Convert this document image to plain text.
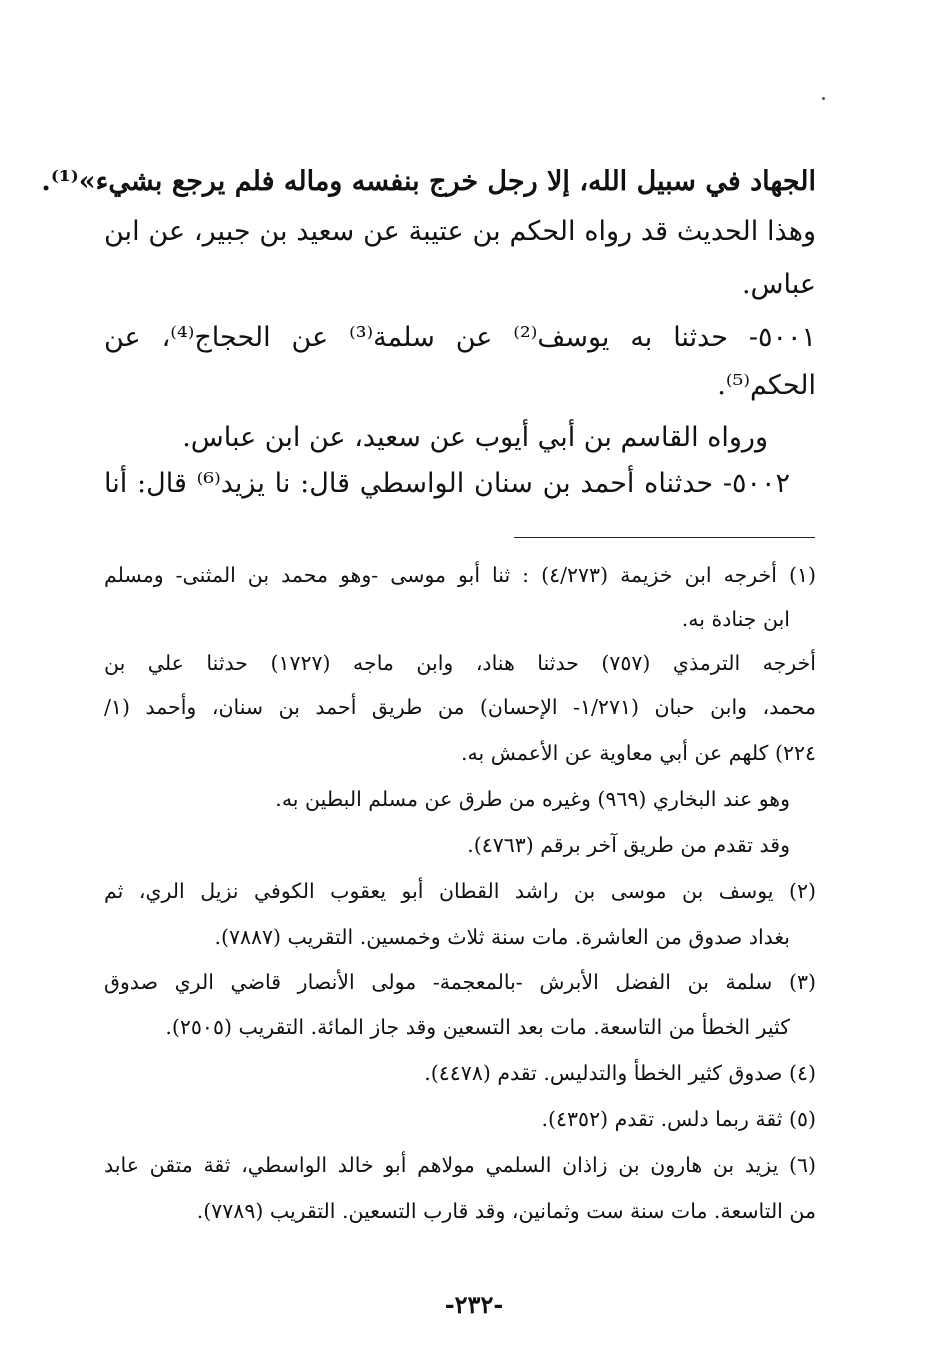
الجهاد في سبيل الله، إلا رجل خرج بنفسه وماله فلم يرجع بشيء»⁽¹⁾.
وهذا الحديث قد رواه الحكم بن عتيبة عن سعيد بن جبير، عن ابن
عباس.
٥٠٠١- حدثنا به يوسف⁽²⁾ عن سلمة⁽³⁾ عن الحجاج⁽⁴⁾، عن
الحكم⁽⁵⁾.
ورواه القاسم بن أبي أيوب عن سعيد، عن ابن عباس.
٥٠٠٢- حدثناه أحمد بن سنان الواسطي قال: نا يزيد⁽⁶⁾ قال: أنا
(١) أخرجه ابن خزيمة (٤/٢٧٣) : ثنا أبو موسى -وهو محمد بن المثنى- ومسلم
ابن جنادة به.
أخرجه الترمذي (٧٥٧) حدثنا هناد، وابن ماجه (١٧٢٧) حدثنا علي بن
محمد، وابن حبان (١/٢٧١- الإحسان) من طريق أحمد بن سنان، وأحمد (١/
٢٢٤) كلهم عن أبي معاوية عن الأعمش به.
وهو عند البخاري (٩٦٩) وغيره من طرق عن مسلم البطين به.
وقد تقدم من طريق آخر برقم (٤٧٦٣).
(٢) يوسف بن موسى بن راشد القطان أبو يعقوب الكوفي نزيل الري، ثم
بغداد صدوق من العاشرة. مات سنة ثلاث وخمسين. التقريب (٧٨٨٧).
(٣) سلمة بن الفضل الأبرش -بالمعجمة- مولى الأنصار قاضي الري صدوق
كثير الخطأ من التاسعة. مات بعد التسعين وقد جاز المائة. التقريب (٢٥٠٥).
(٤) صدوق كثير الخطأ والتدليس. تقدم (٤٤٧٨).
(٥) ثقة ربما دلس. تقدم (٤٣٥٢).
(٦) يزيد بن هارون بن زاذان السلمي مولاهم أبو خالد الواسطي، ثقة متقن عابد
من التاسعة. مات سنة ست وثمانين، وقد قارب التسعين. التقريب (٧٧٨٩).
-٢٣٢-
